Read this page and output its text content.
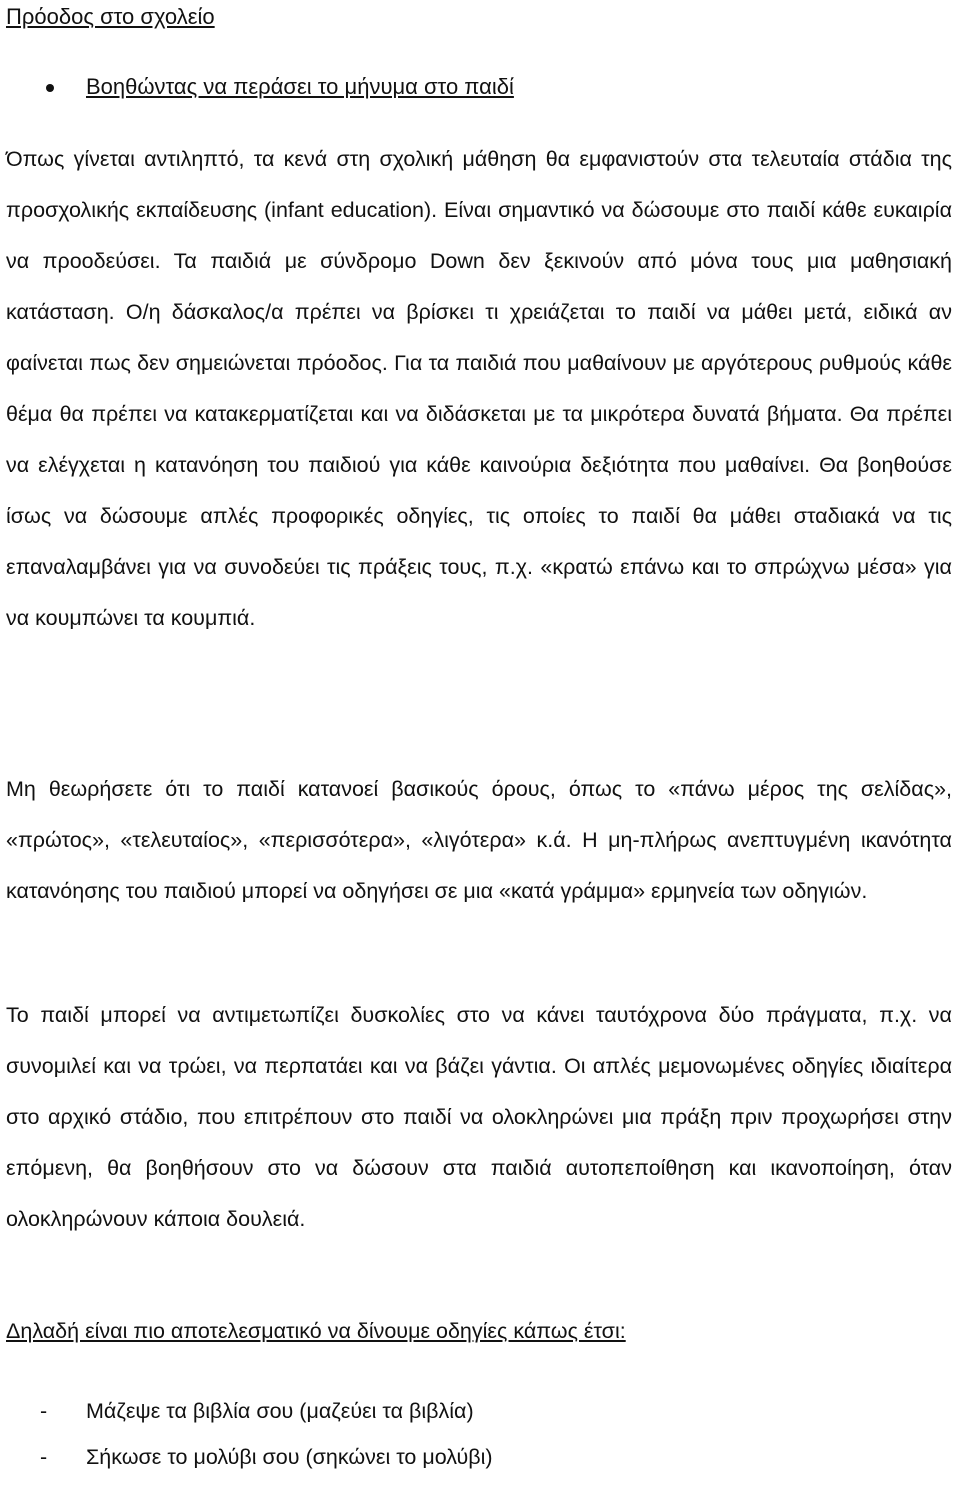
Πρόοδος στο σχολείο
Βοηθώντας να περάσει το μήνυμα στο παιδί

Όπως γίνεται αντιληπτό, τα κενά στη σχολική μάθηση θα εμφανιστούν στα τελευταία στάδια της προσχολικής εκπαίδευσης (infant education). Είναι σημαντικό να δώσουμε στο παιδί κάθε ευκαιρία να προοδεύσει. Τα παιδιά με σύνδρομο Down δεν ξεκινούν από μόνα τους μια μαθησιακή κατάσταση. Ο/η δάσκαλος/α πρέπει να βρίσκει τι χρειάζεται το παιδί να μάθει μετά, ειδικά αν φαίνεται πως δεν σημειώνεται πρόοδος. Για τα παιδιά που μαθαίνουν με αργότερους ρυθμούς κάθε θέμα θα πρέπει να κατακερματίζεται και να διδάσκεται με τα μικρότερα δυνατά βήματα. Θα πρέπει να ελέγχεται η κατανόηση του παιδιού για κάθε καινούρια δεξιότητα που μαθαίνει. Θα βοηθούσε ίσως να δώσουμε απλές προφορικές οδηγίες, τις οποίες το παιδί θα μάθει σταδιακά να τις επαναλαμβάνει για να συνοδεύει τις πράξεις τους, π.χ. «κρατώ επάνω και το σπρώχνω μέσα» για να κουμπώνει τα κουμπιά.

Μη θεωρήσετε ότι το παιδί κατανοεί βασικούς όρους, όπως το «πάνω μέρος της σελίδας», «πρώτος», «τελευταίος», «περισσότερα», «λιγότερα» κ.ά. Η μη-πλήρως ανεπτυγμένη ικανότητα κατανόησης του παιδιού μπορεί να οδηγήσει σε μια «κατά γράμμα» ερμηνεία των οδηγιών.

Το παιδί μπορεί να αντιμετωπίζει δυσκολίες στο να κάνει ταυτόχρονα δύο πράγματα, π.χ. να συνομιλεί και να τρώει, να περπατάει και να βάζει γάντια. Οι απλές μεμονωμένες οδηγίες ιδιαίτερα στο αρχικό στάδιο, που επιτρέπουν στο παιδί να ολοκληρώνει μια πράξη πριν προχωρήσει στην επόμενη, θα βοηθήσουν στο να δώσουν στα παιδιά αυτοπεποίθηση και ικανοποίηση, όταν ολοκληρώνουν κάποια δουλειά.

Δηλαδή είναι πιο αποτελεσματικό να δίνουμε οδηγίες κάπως έτσι:

- Μάζεψε τα βιβλία σου (μαζεύει τα βιβλία)
- Σήκωσε το μολύβι σου (σηκώνει το μολύβι)
